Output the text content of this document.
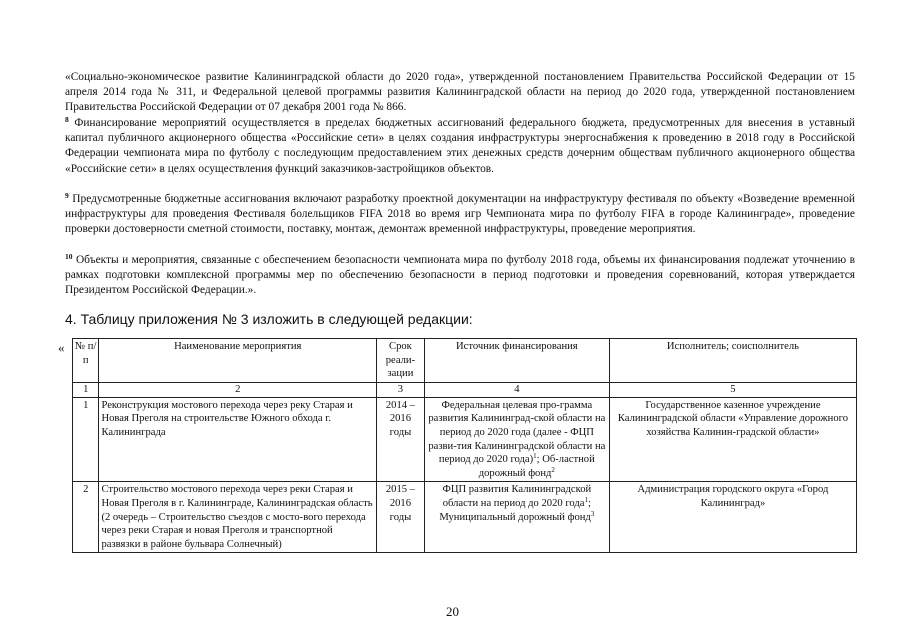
«Социально-экономическое развитие Калининградской области до 2020 года», утвержденной постановлением Правительства Российской Федерации от 15 апреля 2014 года № 311, и Федеральной целевой программы развития Калининградской области на период до 2020 года, утвержденной постановлением Правительства Российской Федерации от 07 декабря 2001 года № 866.

$^8$ Финансирование мероприятий осуществляется в пределах бюджетных ассигнований федерального бюджета, предусмотренных для внесения в уставный капитал публичного акционерного общества «Российские сети» в целях создания инфраструктуры энергоснабжения к проведению в 2018 году в Российской Федерации чемпионата мира по футболу с последующим предоставлением этих денежных средств дочерним обществам публичного акционерного общества «Российские сети» в целях осуществления функций заказчиков-застройщиков объектов.

$^9$ Предусмотренные бюджетные ассигнования включают разработку проектной документации на инфраструктуру фестиваля по объекту «Возведение временной инфраструктуры для проведения Фестиваля болельщиков FIFA 2018 во время игр Чемпионата мира по футболу FIFA в городе Калининграде», проведение проверки достоверности сметной стоимости, поставку, монтаж, демонтаж временной инфраструктуры, проведение мероприятия.

$^{10}$ Объекты и мероприятия, связанные с обеспечением безопасности чемпионата мира по футболу 2018 года, объемы их финансирования подлежат уточнению в рамках подготовки комплексной программы мер по обеспечению безопасности в период подготовки и проведения соревнований, которая утверждается Президентом Российской Федерации.».

4. Таблицу приложения № 3 изложить в следующей редакции:
« № п/п	Наименование мероприятия	Срок реали-зации	Источник финансирования	Исполнитель; соисполнитель
1	2	3	4	5
1	Реконструкция мостового перехода через реку Старая и Новая Преголя на строительстве Южного обхода г. Калининграда	2014 – 2016 годы	Федеральная целевая про-грамма развития Калининград-ской области на период до 2020 года (далее - ФЦП разви-тия Калининградской области на период до 2020 года)$^1$; Об-ластной дорожный фонд$^2$	Государственное казенное учреждение Калининградской области «Управление дорожного хозяйства Калинин-градской области»
2	Строительство мостового перехода через реки Старая и Новая Преголя в г. Калининграде, Калининградская область (2 очередь – Строительство съездов с мосто-вого перехода через реки Старая и новая Преголя и транспортной развязки в районе бульвара Солнечный)	2015 – 2016 годы	ФЦП развития Калининградской области на период до 2020 года$^1$; Муниципальный дорожный фонд$^3$	Администрация городского округа «Город Калининград»
20
